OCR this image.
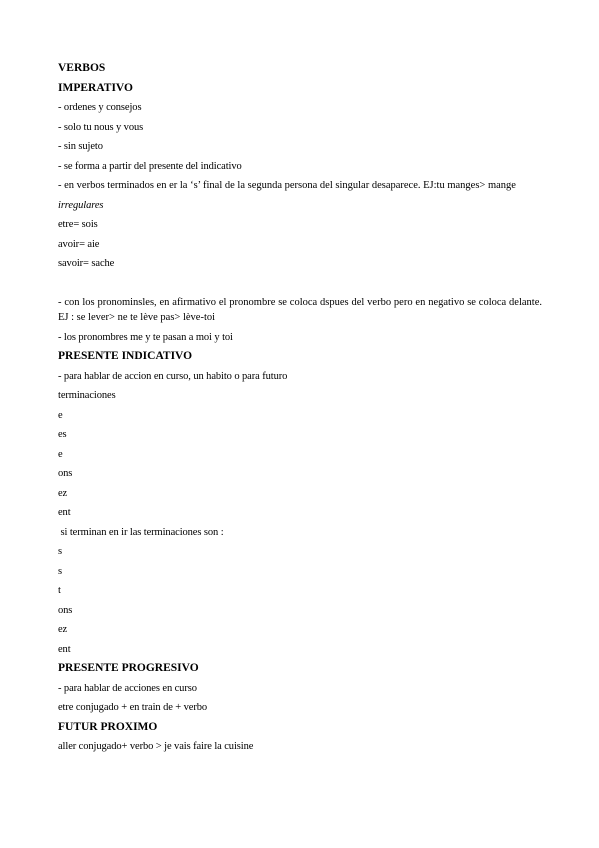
VERBOS
IMPERATIVO
- ordenes y consejos
- solo tu nous y vous
- sin sujeto
- se forma a partir del presente del indicativo
- en verbos terminados en er la ‘s’ final de la segunda persona del singular desaparece. EJ:tu manges> mange
irregulares
etre= sois
avoir= aie
savoir= sache
- con los pronominsles, en afirmativo el pronombre se coloca dspues del verbo pero en negativo se coloca delante. EJ : se lever> ne te lève pas> lève-toi
- los pronombres me y te pasan a moi y toi
PRESENTE INDICATIVO
- para hablar de accion en curso, un habito o para futuro
terminaciones
e
es
e
ons
ez
ent
si terminan en ir las terminaciones son :
s
s
t
ons
ez
ent
PRESENTE PROGRESIVO
- para hablar de acciones en curso
etre conjugado + en train de + verbo
FUTUR PROXIMO
aller conjugado+ verbo > je vais faire la cuisine
